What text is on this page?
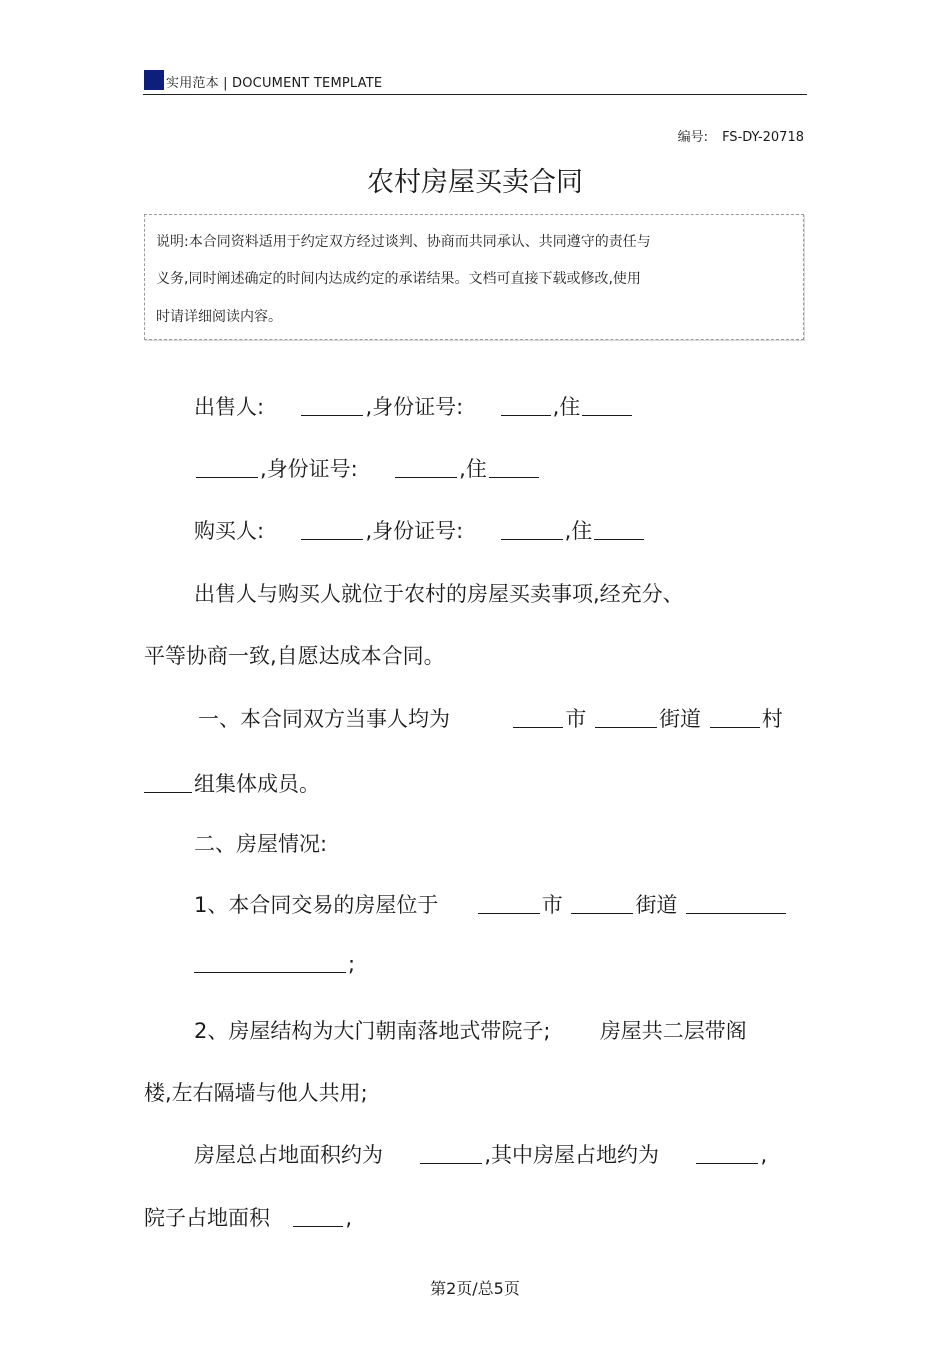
实用范本 | DOCUMENT TEMPLATE
编号: FS-DY-20718
农村房屋买卖合同
说明:本合同资料适用于约定双方经过谈判、协商而共同承认、共同遵守的责任与
义务,同时阐述确定的时间内达成约定的承诺结果。文档可直接下载或修改,使用
时请详细阅读内容。
出售人:	,身份证号:	,住
,身份证号:	,住
购买人:	,身份证号:	,住
出售人与购买人就位于农村的房屋买卖事项,经充分、
平等协商一致,自愿达成本合同。
一、本合同双方当事人均为	市	街道	村
组集体成员。
二、房屋情况:
1、本合同交易的房屋位于	市	街道
;
2、房屋结构为大门朝南落地式带院子; 房屋共二层带阁
楼,左右隔墙与他人共用;
房屋总占地面积约为	,其中房屋占地约为	,
院子占地面积	,
第2页/总5页
